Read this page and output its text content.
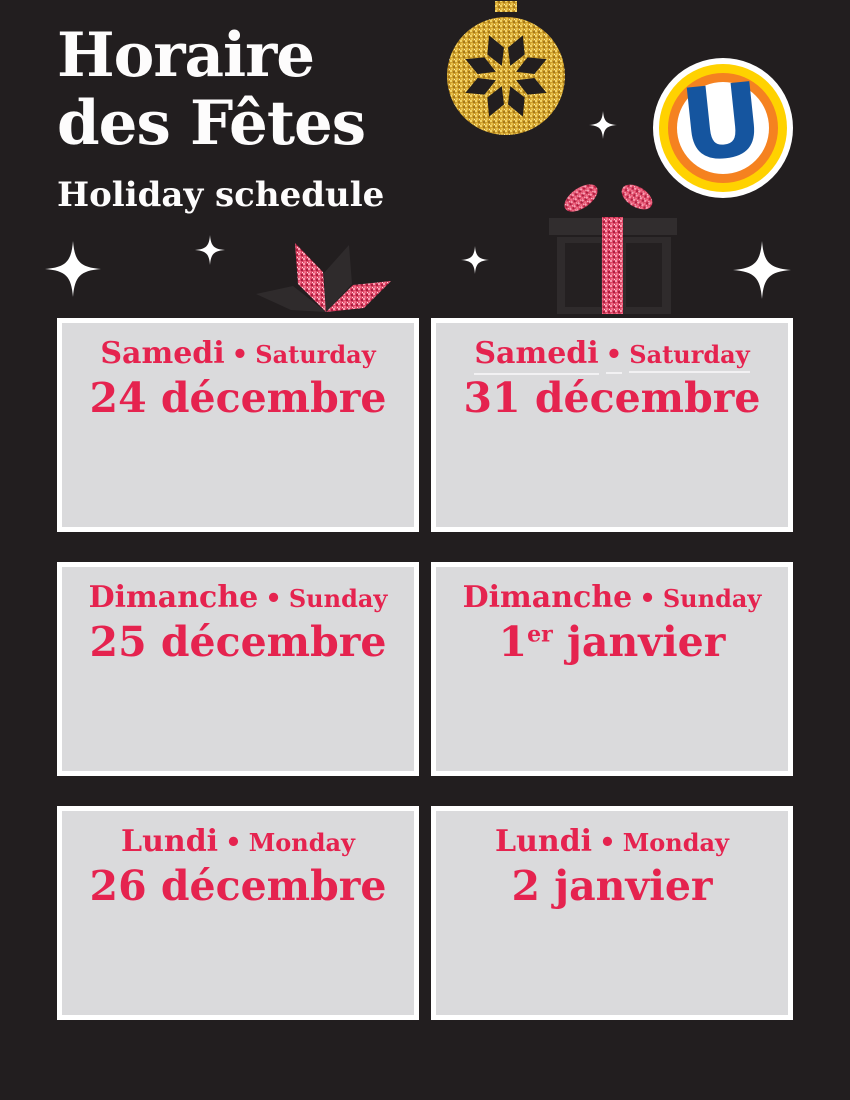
Horaire
des Fêtes
Holiday schedule
U
Samedi • Saturday
24 décembre
Samedi • Saturday
31 décembre
Dimanche • Sunday
25 décembre
Dimanche • Sunday
1er janvier
Lundi • Monday
26 décembre
Lundi • Monday
2 janvier
